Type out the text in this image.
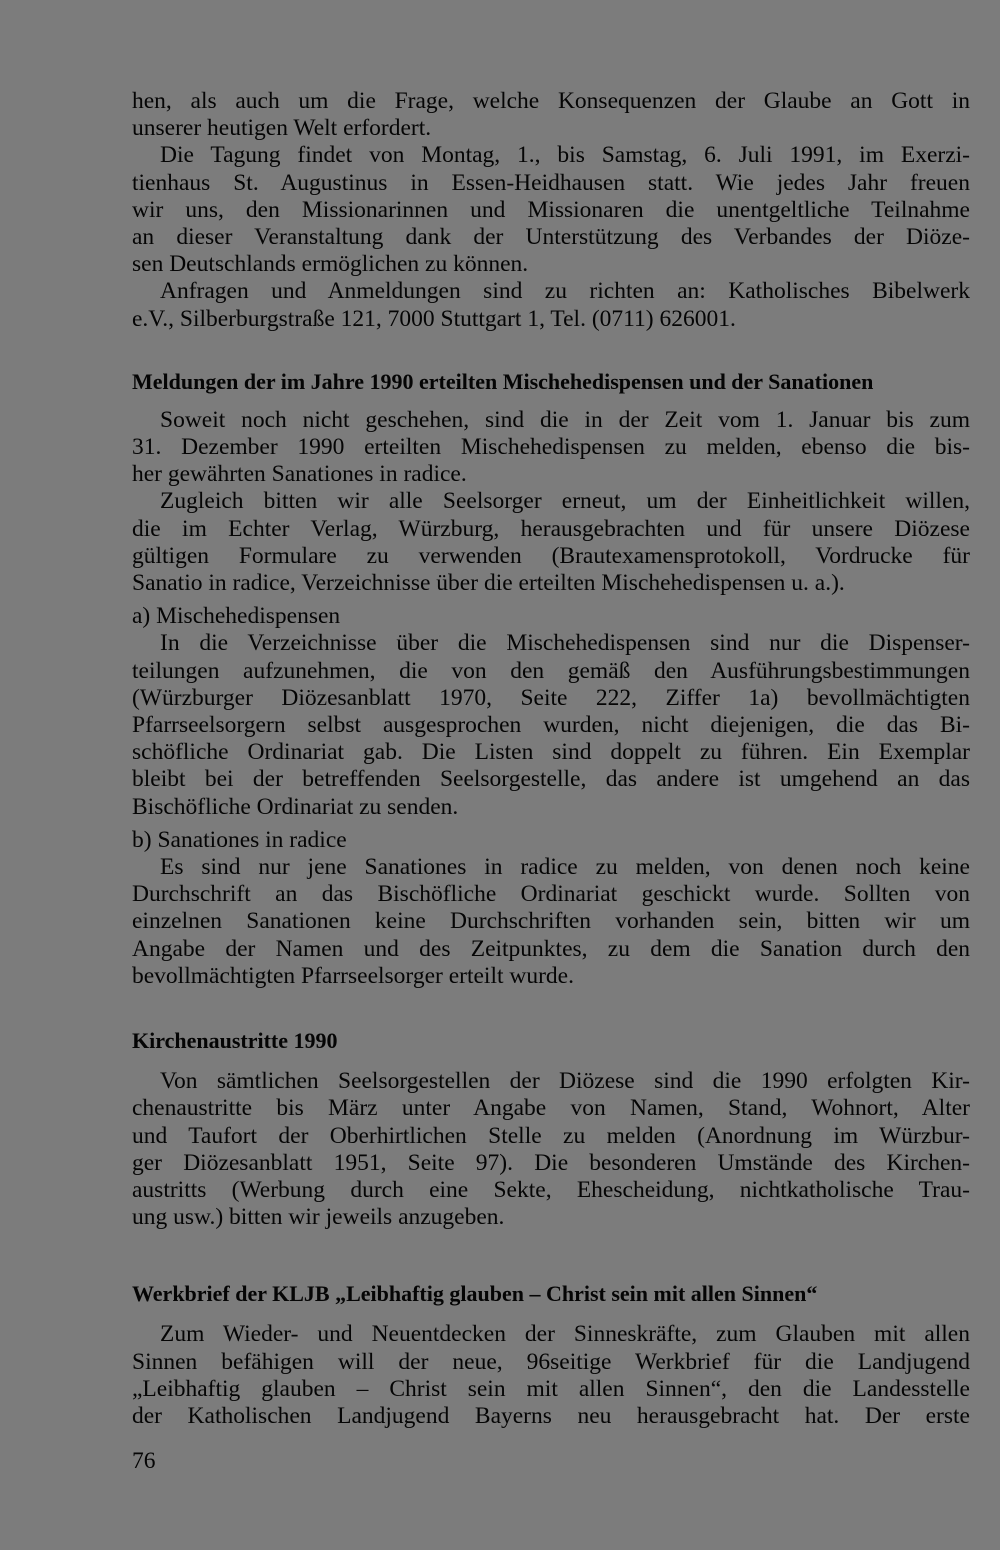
hen, als auch um die Frage, welche Konsequenzen der Glaube an Gott in
unserer heutigen Welt erfordert.

Die Tagung findet von Montag, 1., bis Samstag, 6. Juli 1991, im Exerzi-
tienhaus St. Augustinus in Essen-Heidhausen statt. Wie jedes Jahr freuen
wir uns, den Missionarinnen und Missionaren die unentgeltliche Teilnahme
an dieser Veranstaltung dank der Unterstützung des Verbandes der Diöze-
sen Deutschlands ermöglichen zu können.

Anfragen und Anmeldungen sind zu richten an: Katholisches Bibelwerk
e.V., Silberburgstraße 121, 7000 Stuttgart 1, Tel. (0711) 626001.

Meldungen der im Jahre 1990 erteilten Mischehedispensen und der Sanationen

Soweit noch nicht geschehen, sind die in der Zeit vom 1. Januar bis zum
31. Dezember 1990 erteilten Mischehedispensen zu melden, ebenso die bis-
her gewährten Sanationes in radice.

Zugleich bitten wir alle Seelsorger erneut, um der Einheitlichkeit willen,
die im Echter Verlag, Würzburg, herausgebrachten und für unsere Diözese
gültigen Formulare zu verwenden (Brautexamensprotokoll, Vordrucke für
Sanatio in radice, Verzeichnisse über die erteilten Mischehedispensen u. a.).

a) Mischehedispensen

In die Verzeichnisse über die Mischehedispensen sind nur die Dispenser-
teilungen aufzunehmen, die von den gemäß den Ausführungsbestimmungen
(Würzburger Diözesanblatt 1970, Seite 222, Ziffer 1a) bevollmächtigten
Pfarrseelsorgern selbst ausgesprochen wurden, nicht diejenigen, die das Bi-
schöfliche Ordinariat gab. Die Listen sind doppelt zu führen. Ein Exemplar
bleibt bei der betreffenden Seelsorgestelle, das andere ist umgehend an das
Bischöfliche Ordinariat zu senden.

b) Sanationes in radice

Es sind nur jene Sanationes in radice zu melden, von denen noch keine
Durchschrift an das Bischöfliche Ordinariat geschickt wurde. Sollten von
einzelnen Sanationen keine Durchschriften vorhanden sein, bitten wir um
Angabe der Namen und des Zeitpunktes, zu dem die Sanation durch den
bevollmächtigten Pfarrseelsorger erteilt wurde.

Kirchenaustritte 1990

Von sämtlichen Seelsorgestellen der Diözese sind die 1990 erfolgten Kir-
chenaustritte bis März unter Angabe von Namen, Stand, Wohnort, Alter
und Taufort der Oberhirtlichen Stelle zu melden (Anordnung im Würzbur-
ger Diözesanblatt 1951, Seite 97). Die besonderen Umstände des Kirchen-
austritts (Werbung durch eine Sekte, Ehescheidung, nichtkatholische Trau-
ung usw.) bitten wir jeweils anzugeben.

Werkbrief der KLJB „Leibhaftig glauben – Christ sein mit allen Sinnen“

Zum Wieder- und Neuentdecken der Sinneskräfte, zum Glauben mit allen
Sinnen befähigen will der neue, 96seitige Werkbrief für die Landjugend
„Leibhaftig glauben – Christ sein mit allen Sinnen“, den die Landesstelle
der Katholischen Landjugend Bayerns neu herausgebracht hat. Der erste

76
